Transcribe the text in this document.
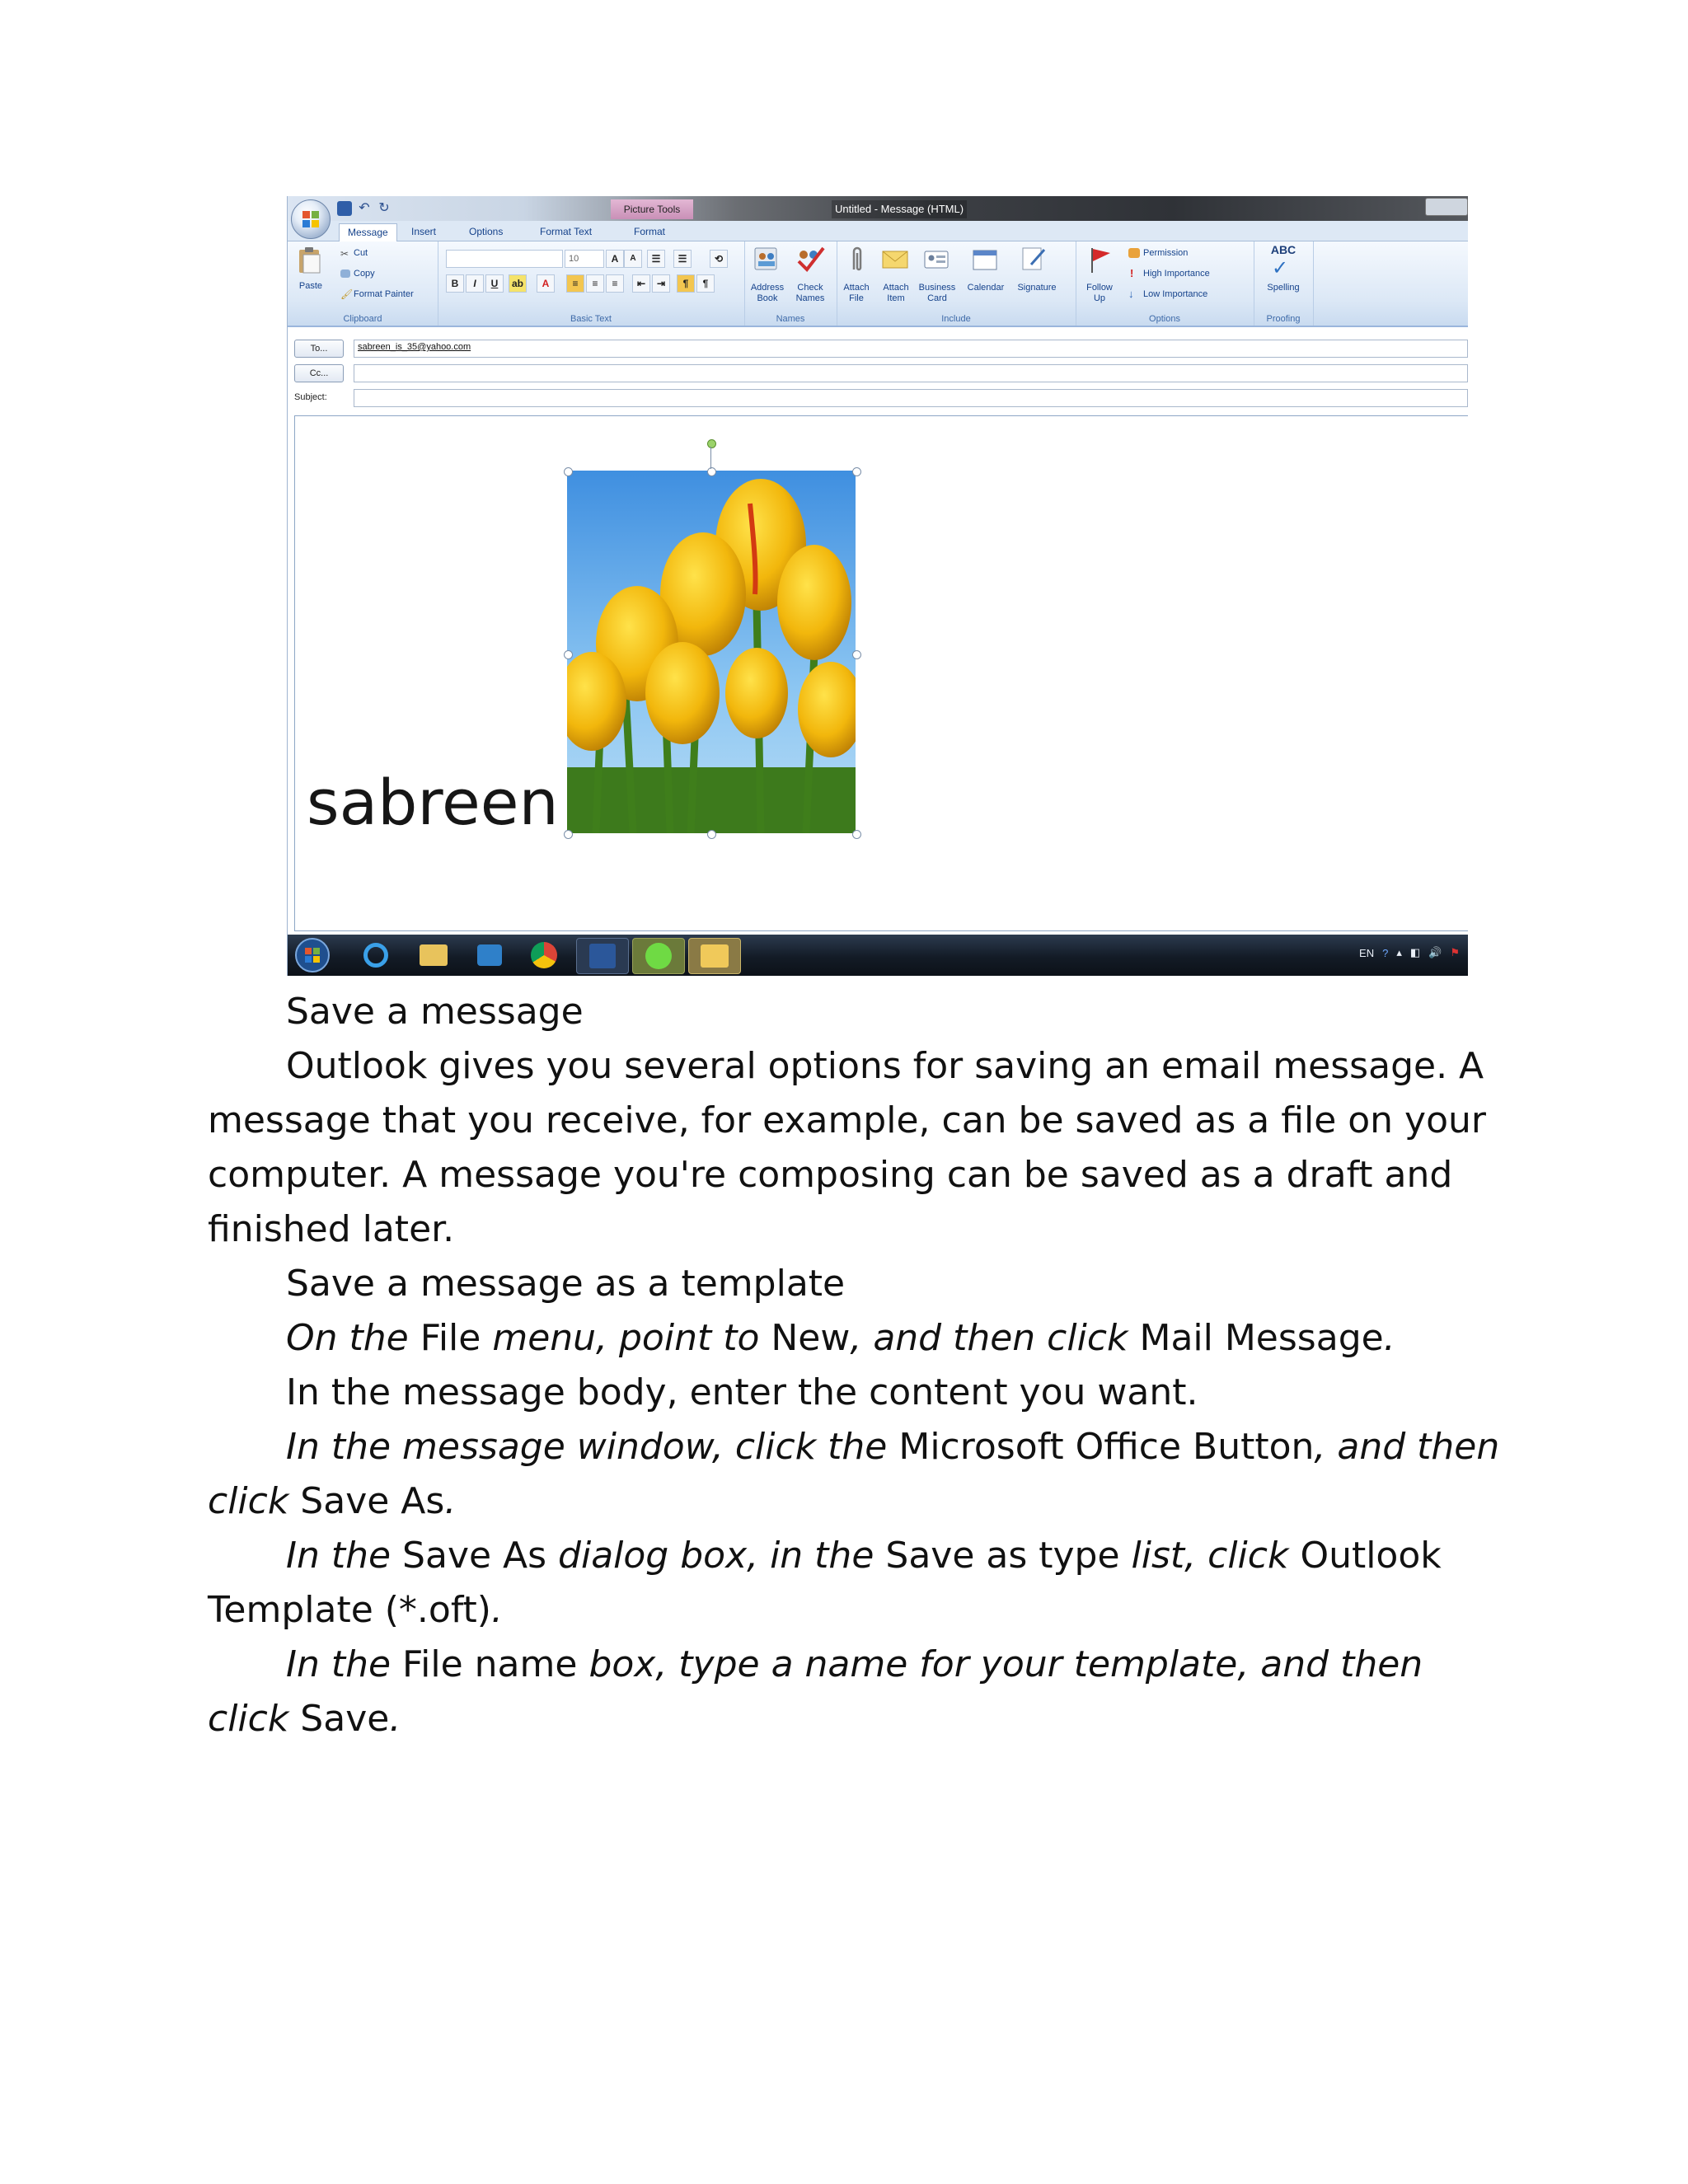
↶ ↻	Picture Tools	Untitled - Message (HTML)
Message	Insert	Options	Format Text	Format
Paste
✂ Cut
Copy
🖌 Format Painter
Clipboard
10	A	A	☰	☰	⟲
B	I	U	ab	A	≡	≡	≡	⇤	⇥	¶	¶
Basic Text
Address
Book
Check
Names
Names
Attach
File
Attach
Item
Business
Card
Calendar	Signature
Include
Follow
Up
Permission
! High Importance
↓ Low Importance
Options
ABC
✓
Spelling
Proofing
To...	sabreen_is_35@yahoo.com
Cc...
Subject:
sabreen
EN ? ▴ ◧ 🔊 ⚑
Save a message
Outlook gives you several options for saving an email message. A
message that you receive, for example, can be saved as a file on your
computer. A message you're composing can be saved as a draft and
finished later.
Save a message as a template
On the File menu, point to New, and then click Mail Message.
In the message body, enter the content you want.
In the message window, click the Microsoft Office Button, and then
click Save As.
In the Save As dialog box, in the Save as type list, click Outlook
Template (*.oft).
In the File name box, type a name for your template, and then
click Save.
